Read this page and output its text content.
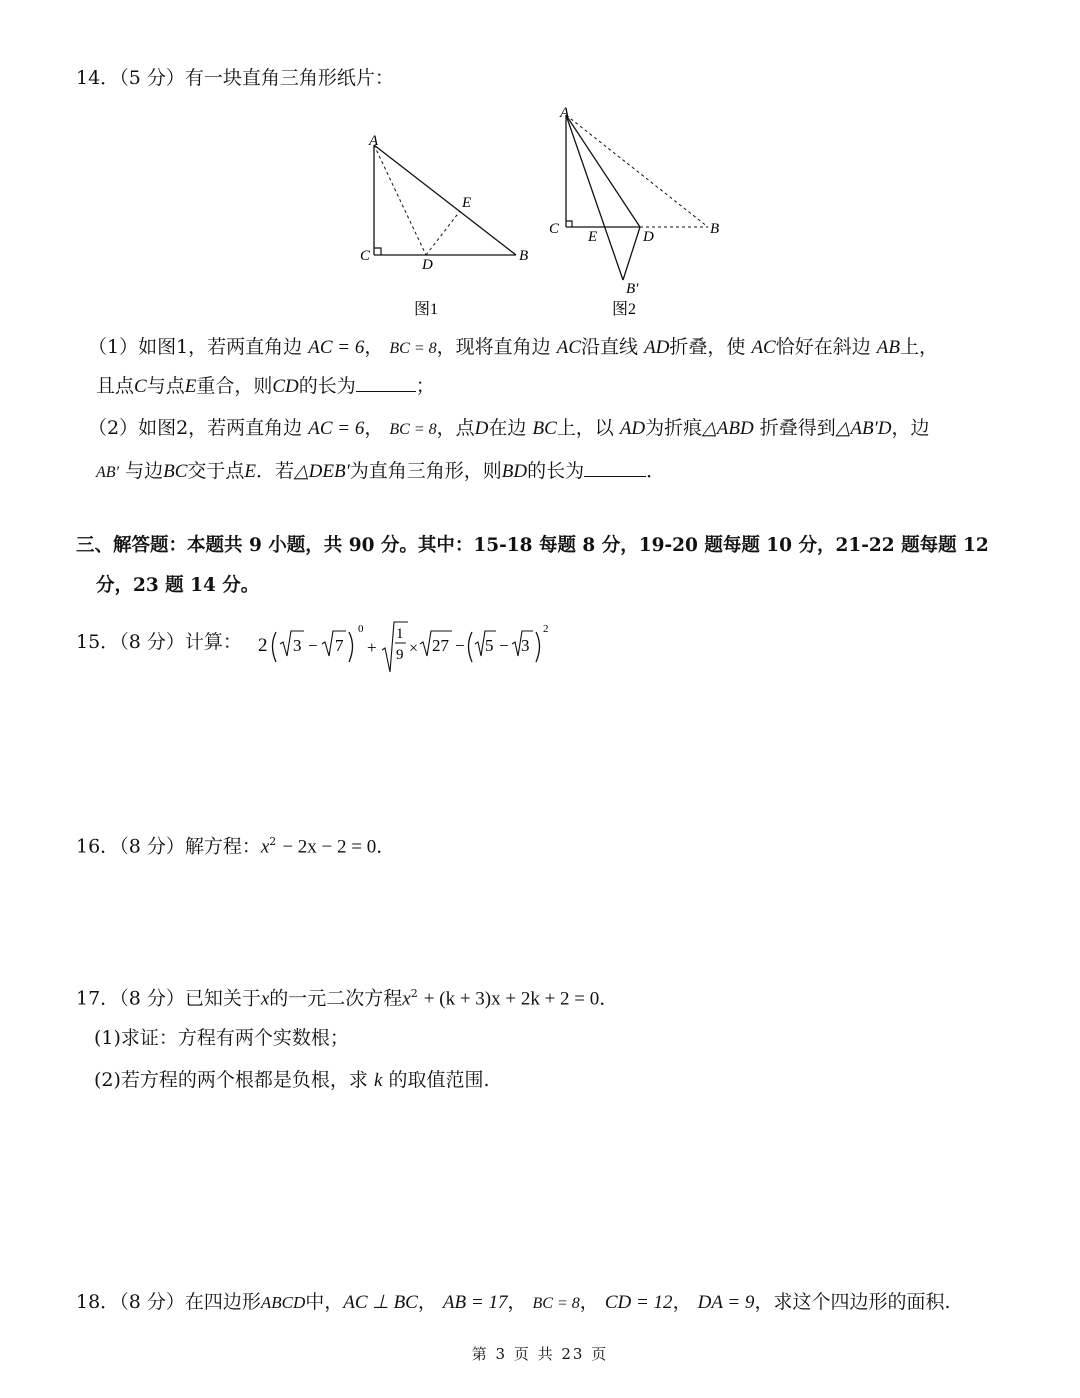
14．（5 分）有一块直角三角形纸片：
A
C
D
E
B
图1
A
C E	D	B
B′
图2
（1）如图1，若两直角边 AC = 6， BC = 8，现将直角边 AC沿直线 AD折叠，使 AC恰好在斜边 AB上，
且点C与点E重合，则CD的长为	；
（2）如图2，若两直角边 AC = 6， BC = 8，点D在边 BC上，以 AD为折痕△ABD 折叠得到△AB′D，边
AB′ 与边BC交于点E．若△DEB′为直角三角形，则BD的长为	．
三、解答题：本题共 9 小题，共 90 分。其中：15-18 每题 8 分，19-20 题每题 10 分，21-22 题每题 12
分，23 题 14 分。
15．（8 分）计算： 2 3 − 7
0
+
1
9 × 27 − 5 − 3
2
16．（8 分）解方程：$x^2 - 2x - 2 = 0$．
17．（8 分）已知关于x的一元二次方程$x^2 + (k + 3)x + 2k + 2 = 0$．
(1)求证：方程有两个实数根；
(2)若方程的两个根都是负根，求 k 的取值范围.
18．（8 分）在四边形ABCD中，AC ⊥ BC， AB = 17， BC = 8， CD = 12， DA = 9，求这个四边形的面积.
第 3 页 共 23 页
